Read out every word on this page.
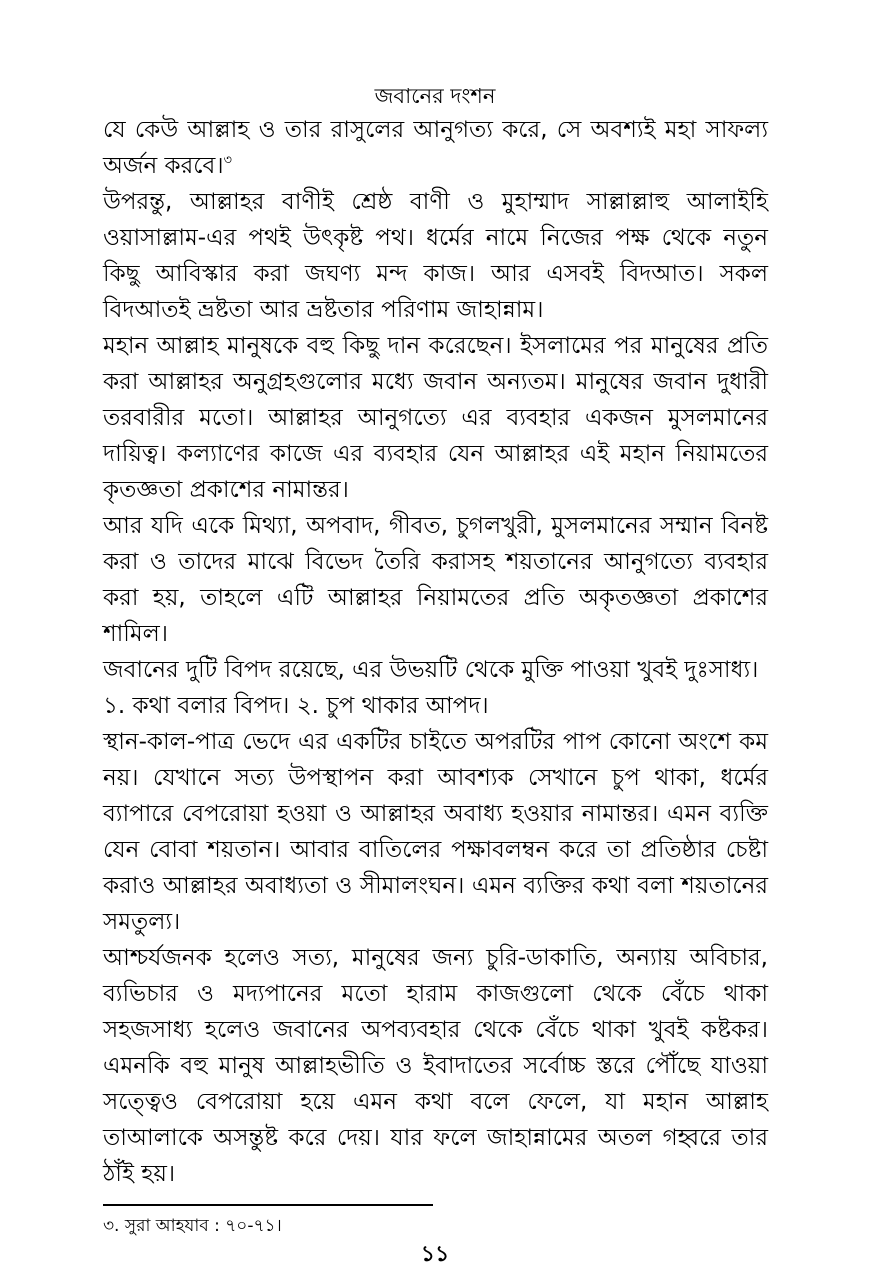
জবানের দংশন

যে কেউ আল্লাহ ও তার রাসুলের আনুগত্য করে, সে অবশ্যই মহা সাফল্য অর্জন করবে।$^৩$

উপরন্তু, আল্লাহর বাণীই শ্রেষ্ঠ বাণী ও মুহাম্মাদ সাল্লাল্লাহু আলাইহি ওয়াসাল্লাম-এর পথই উৎকৃষ্ট পথ। ধর্মের নামে নিজের পক্ষ থেকে নতুন কিছু আবিস্কার করা জঘণ্য মন্দ কাজ। আর এসবই বিদআত। সকল বিদআতই ভ্রষ্টতা আর ভ্রষ্টতার পরিণাম জাহান্নাম।

মহান আল্লাহ মানুষকে বহু কিছু দান করেছেন। ইসলামের পর মানুষের প্রতি করা আল্লাহর অনুগ্রহগুলোর মধ্যে জবান অন্যতম। মানুষের জবান দুধারী তরবারীর মতো। আল্লাহর আনুগত্যে এর ব্যবহার একজন মুসলমানের দায়িত্ব। কল্যাণের কাজে এর ব্যবহার যেন আল্লাহর এই মহান নিয়ামতের কৃতজ্ঞতা প্রকাশের নামান্তর।

আর যদি একে মিথ্যা, অপবাদ, গীবত, চুগলখুরী, মুসলমানের সম্মান বিনষ্ট করা ও তাদের মাঝে বিভেদ তৈরি করাসহ শয়তানের আনুগত্যে ব্যবহার করা হয়, তাহলে এটি আল্লাহর নিয়ামতের প্রতি অকৃতজ্ঞতা প্রকাশের শামিল।

জবানের দুটি বিপদ রয়েছে, এর উভয়টি থেকে মুক্তি পাওয়া খুবই দুঃসাধ্য।

১. কথা বলার বিপদ। ২. চুপ থাকার আপদ।

স্থান-কাল-পাত্র ভেদে এর একটির চাইতে অপরটির পাপ কোনো অংশে কম নয়। যেখানে সত্য উপস্থাপন করা আবশ্যক সেখানে চুপ থাকা, ধর্মের ব্যাপারে বেপরোয়া হওয়া ও আল্লাহর অবাধ্য হওয়ার নামান্তর। এমন ব্যক্তি যেন বোবা শয়তান। আবার বাতিলের পক্ষাবলম্বন করে তা প্রতিষ্ঠার চেষ্টা করাও আল্লাহর অবাধ্যতা ও সীমালংঘন। এমন ব্যক্তির কথা বলা শয়তানের সমতুল্য।

আশ্চর্যজনক হলেও সত্য, মানুষের জন্য চুরি-ডাকাতি, অন্যায় অবিচার, ব্যভিচার ও মদ্যপানের মতো হারাম কাজগুলো থেকে বেঁচে থাকা সহজসাধ্য হলেও জবানের অপব্যবহার থেকে বেঁচে থাকা খুবই কষ্টকর। এমনকি বহু মানুষ আল্লাহভীতি ও ইবাদাতের সর্বোচ্চ স্তরে পৌঁছে যাওয়া সত্ত্বেও বেপরোয়া হয়ে এমন কথা বলে ফেলে, যা মহান আল্লাহ তাআলাকে অসন্তুষ্ট করে দেয়। যার ফলে জাহান্নামের অতল গহ্বরে তার ঠাঁই হয়।

৩. সুরা আহযাব : ৭০-৭১।
১১
